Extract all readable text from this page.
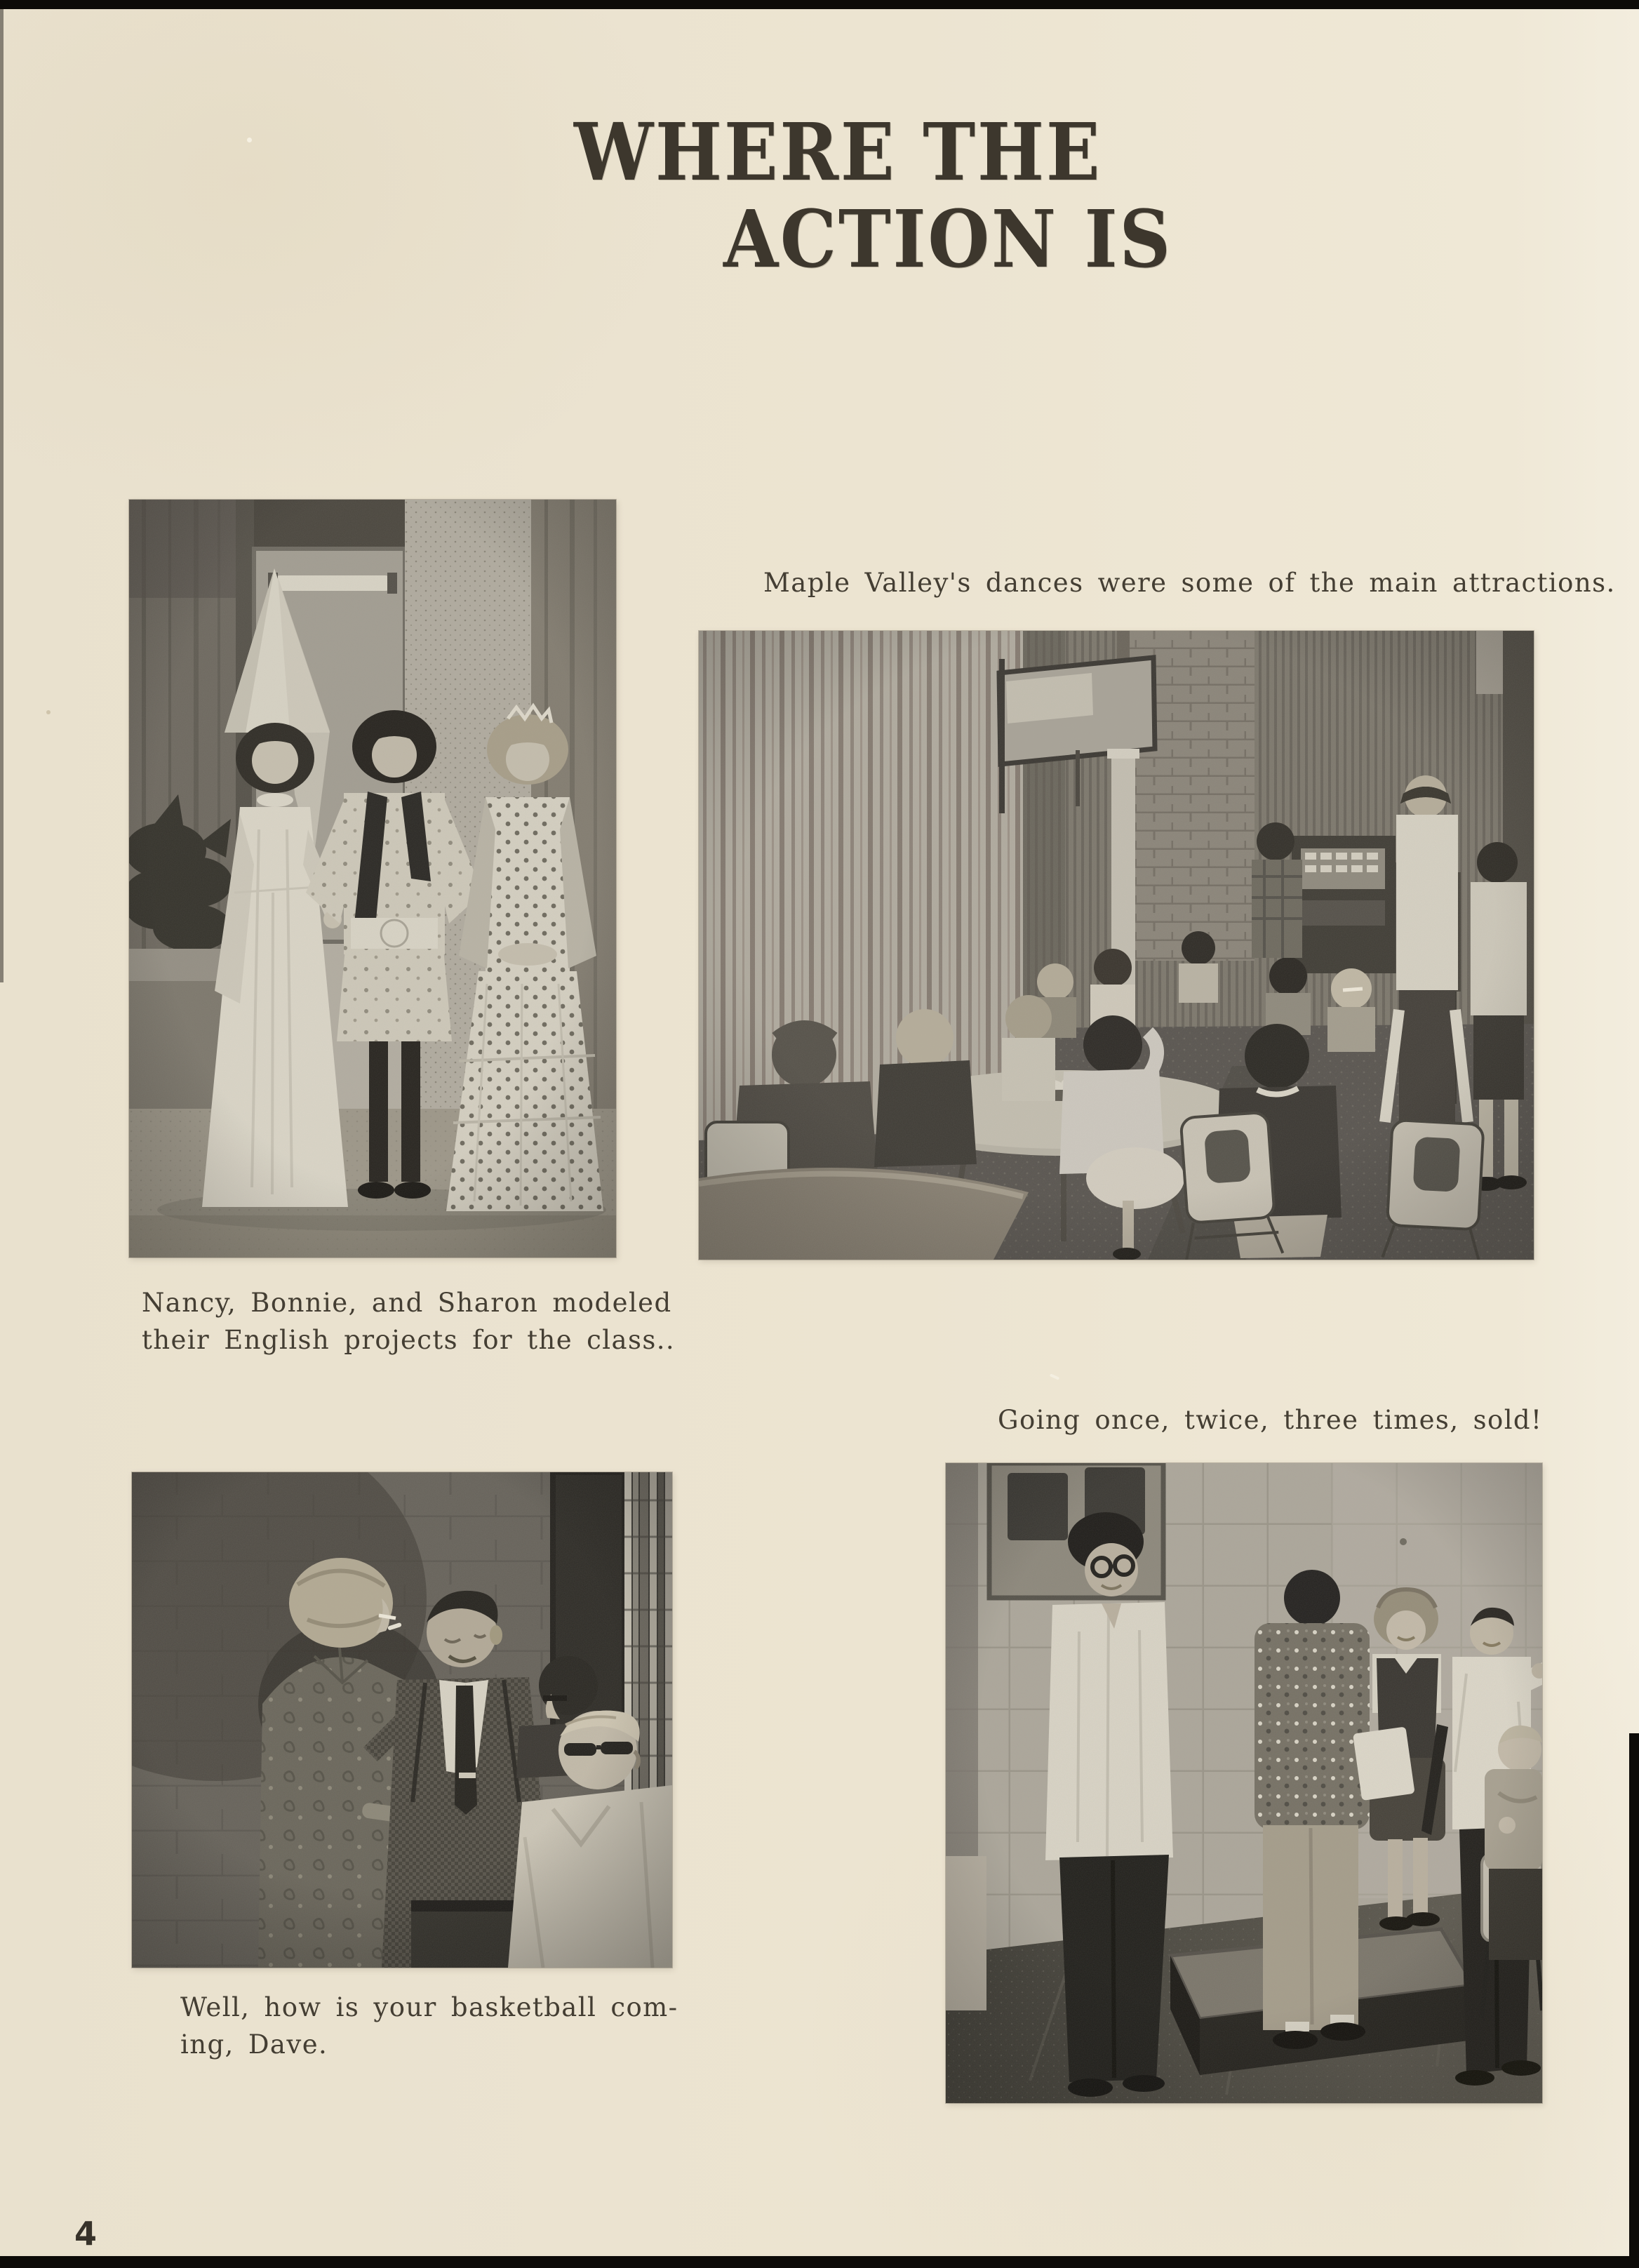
WHERE THE
ACTION IS
Maple Valley's dances were some of the main attractions.
Nancy, Bonnie, and Sharon modeled
their English projects for the class..
Going once, twice, three times, sold!
Well, how is your basketball com-
ing, Dave.
4
